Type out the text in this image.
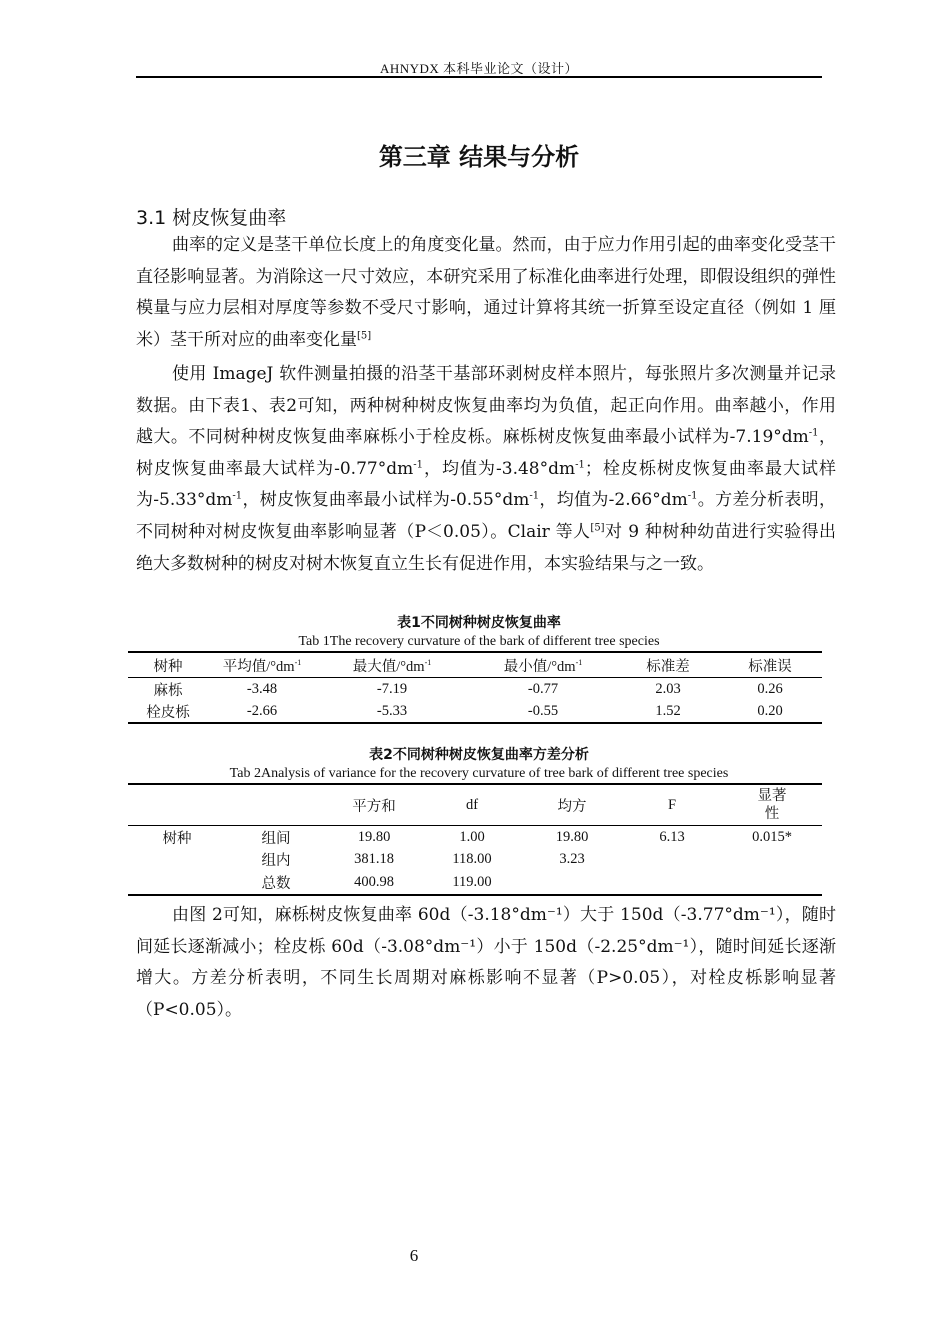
AHNYDX 本科毕业论文（设计）
第三章 结果与分析
3.1 树皮恢复曲率

曲率的定义是茎干单位长度上的角度变化量。然而，由于应力作用引起的曲率变化受茎干直径影响显著。为消除这一尺寸效应，本研究采用了标准化曲率进行处理，即假设组织的弹性模量与应力层相对厚度等参数不受尺寸影响，通过计算将其统一折算至设定直径（例如 1 厘米）茎干所对应的曲率变化量[5]

使用 ImageJ 软件测量拍摄的沿茎干基部环剥树皮样本照片，每张照片多次测量并记录数据。由下表1、表2可知，两种树种树皮恢复曲率均为负值，起正向作用。曲率越小，作用越大。不同树种树皮恢复曲率麻栎小于栓皮栎。麻栎树皮恢复曲率最小试样为$-7.19^\circ dm^{-1}$，树皮恢复曲率最大试样为$-0.77^\circ dm^{-1}$，均值为$-3.48^\circ dm^{-1}$；栓皮栎树皮恢复曲率最大试样为$-5.33^\circ dm^{-1}$，树皮恢复曲率最小试样为$-0.55^\circ dm^{-1}$，均值为$-2.66^\circ dm^{-1}$。方差分析表明，不同树种对树皮恢复曲率影响显著（P＜0.05）。Clair 等人[5]对 9 种树种幼苗进行实验得出绝大多数树种的树皮对树木恢复直立生长有促进作用，本实验结果与之一致。

表1不同树种树皮恢复曲率
Tab 1The recovery curvature of the bark of different tree species
树种	平均值$/^\circ dm^{-1}$	最大值$/^\circ dm^{-1}$	最小值$/^\circ dm^{-1}$	标准差	标准误
麻栎	-3.48	-7.19	-0.77	2.03	0.26
栓皮栎	-2.66	-5.33	-0.55	1.52	0.20
表2不同树种树皮恢复曲率方差分析
Tab 2Analysis of variance for the recovery curvature of tree bark of different tree species
		平方和	df	均方	F	显著性

树种	组间	19.80	1.00	19.80	6.13	0.015*
	组内	381.18	118.00	3.23		
	总数	400.98	119.00			

由图 2可知，麻栎树皮恢复曲率 60d（-3.18°dm⁻¹）大于 150d（-3.77°dm⁻¹），随时间延长逐渐减小；栓皮栎 60d（-3.08°dm⁻¹）小于 150d（-2.25°dm⁻¹），随时间延长逐渐增大。方差分析表明，不同生长周期对麻栎影响不显著（P>0.05），对栓皮栎影响显著（P<0.05）。

6
